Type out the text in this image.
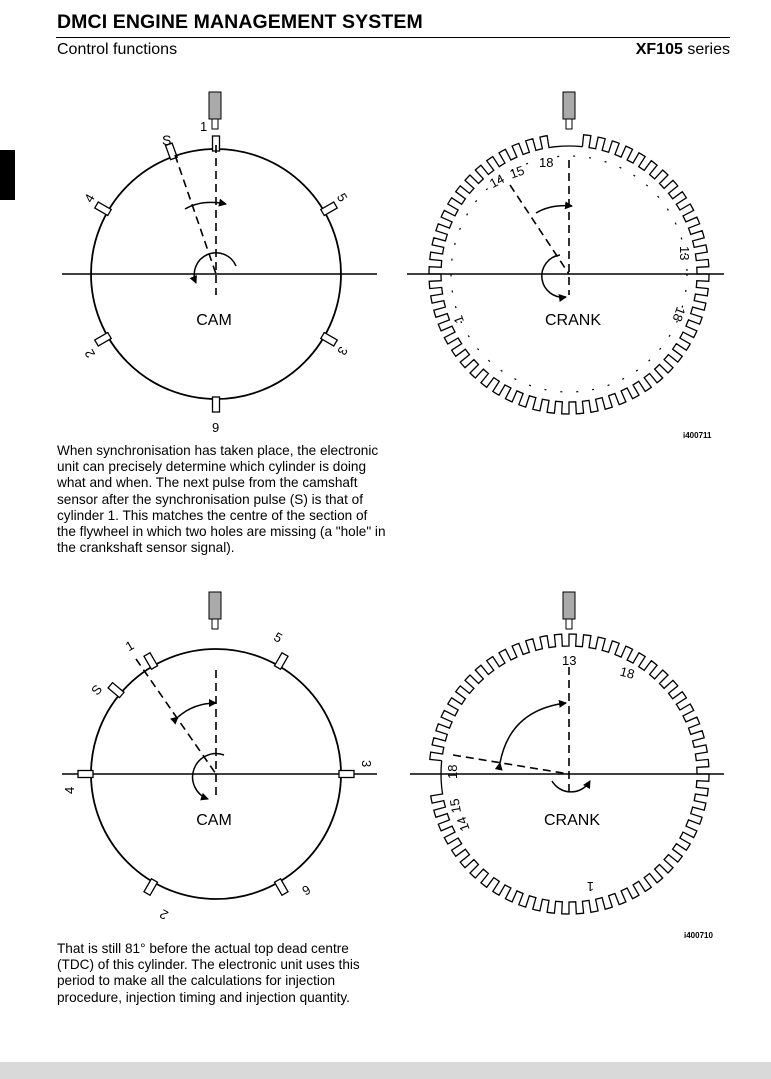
DMCI ENGINE MANAGEMENT SYSTEM
Control functions	XF105 series
S
1
5
3
9
2
4
CAM
14 15
18
13
18
1	CRANK
i400711
When synchronisation has taken place, the electronic unit can precisely determine which cylinder is doing what and when. The next pulse from the camshaft sensor after the synchronisation pulse (S) is that of cylinder 1. This matches the centre of the section of the flywheel in which two holes are missing (a "hole" in the crankshaft sensor signal).
1
S
5
3
4
6
2
CAM
13
18
18
15
14
1
CRANK
i400710
That is still 81° before the actual top dead centre (TDC) of this cylinder. The electronic unit uses this period to make all the calculations for injection procedure, injection timing and injection quantity.
